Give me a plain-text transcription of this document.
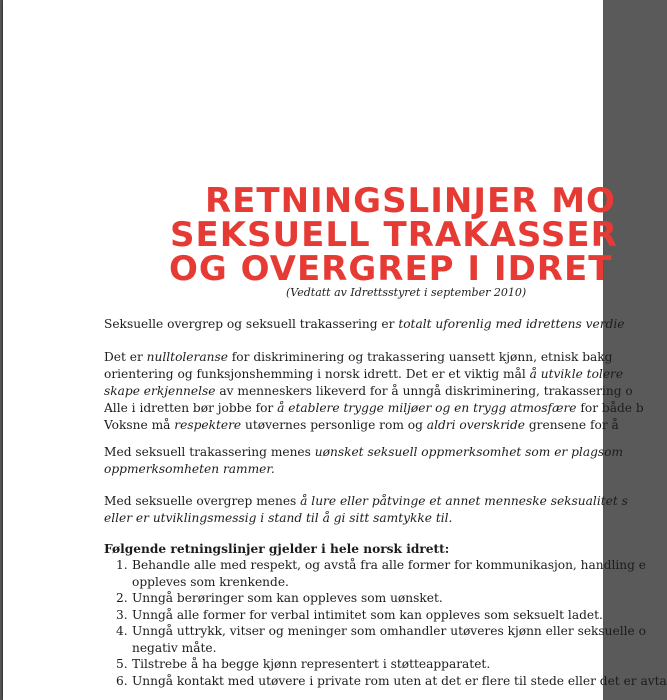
RETNINGSLINJER MO
SEKSUELL TRAKASSER
OG OVERGREP I IDRET
(Vedtatt av Idrettsstyret i september 2010)
Seksuelle overgrep og seksuell trakassering er totalt uforenlig med idrettens verdie
Det er nulltoleranse for diskriminering og trakassering uansett kjønn, etnisk bakg
orientering og funksjonshemming i norsk idrett. Det er et viktig mål å utvikle tolere
skape erkjennelse av menneskers likeverd for å unngå diskriminering, trakassering o
Alle i idretten bør jobbe for å etablere trygge miljøer og en trygg atmosfære for både b
Voksne må respektere utøvernes personlige rom og aldri overskride grensene for å
Med seksuell trakassering menes uønsket seksuell oppmerksomhet som er plagsom
oppmerksomheten rammer.
Med seksuelle overgrep menes å lure eller påtvinge et annet menneske seksualitet s
eller er utviklingsmessig i stand til å gi sitt samtykke til.
Følgende retningslinjer gjelder i hele norsk idrett:
1. Behandle alle med respekt, og avstå fra alle former for kommunikasjon, handling e
oppleves som krenkende.
2. Unngå berøringer som kan oppleves som uønsket.
3. Unngå alle former for verbal intimitet som kan oppleves som seksuelt ladet.
4. Unngå uttrykk, vitser og meninger som omhandler utøveres kjønn eller seksuelle o
negativ måte.
5. Tilstrebe å ha begge kjønn representert i støtteapparatet.
6. Unngå kontakt med utøvere i private rom uten at det er flere til stede eller det er avta
